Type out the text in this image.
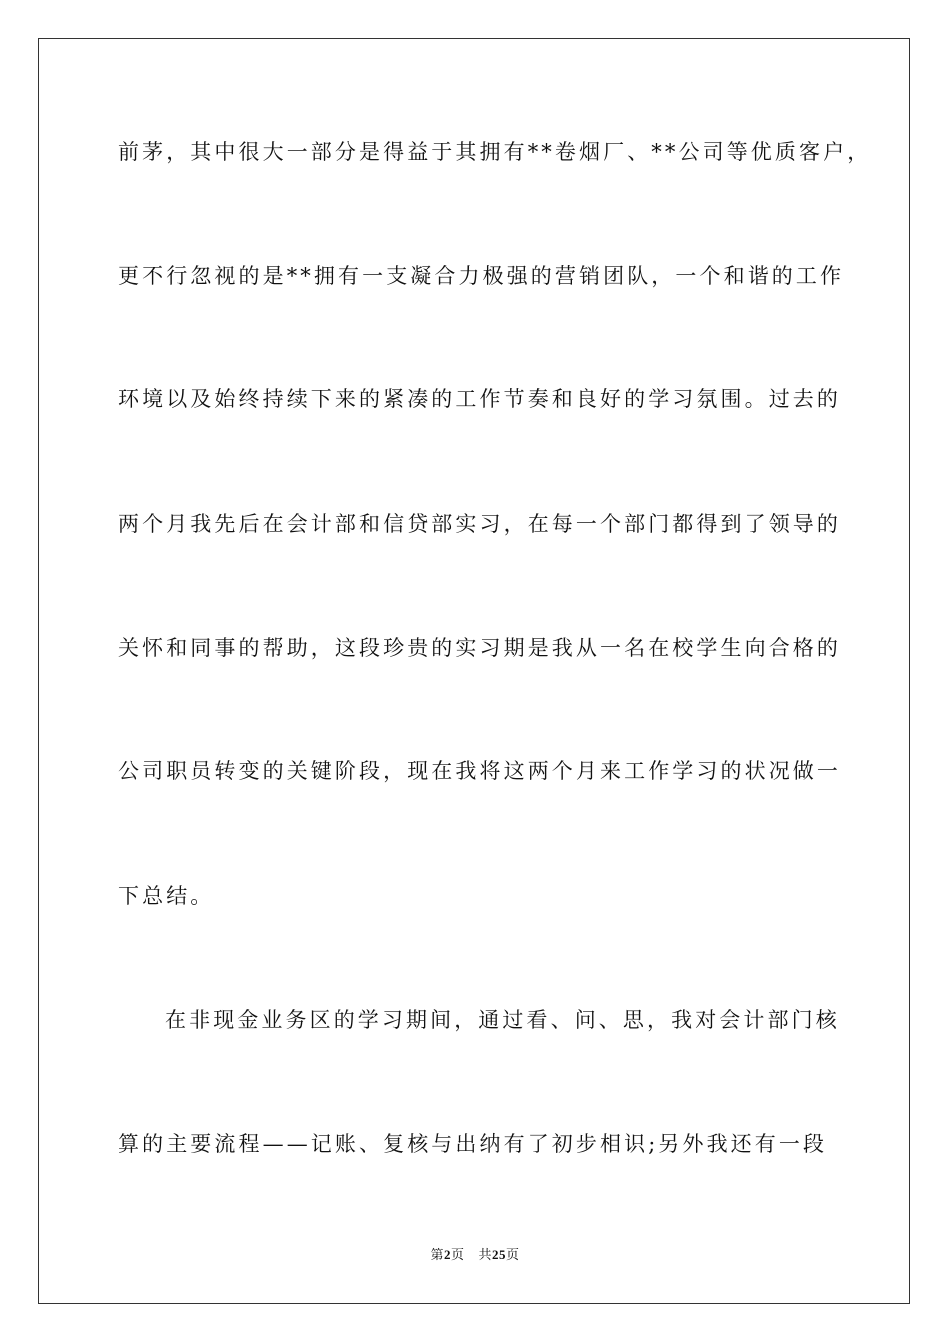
前茅，其中很大一部分是得益于其拥有**卷烟厂、**公司等优质客户，
更不行忽视的是**拥有一支凝合力极强的营销团队，一个和谐的工作
环境以及始终持续下来的紧凑的工作节奏和良好的学习氛围。过去的
两个月我先后在会计部和信贷部实习，在每一个部门都得到了领导的
关怀和同事的帮助，这段珍贵的实习期是我从一名在校学生向合格的
公司职员转变的关键阶段，现在我将这两个月来工作学习的状况做一
下总结。
在非现金业务区的学习期间，通过看、问、思，我对会计部门核
算的主要流程——记账、复核与出纳有了初步相识;另外我还有一段
第2页 共25页
